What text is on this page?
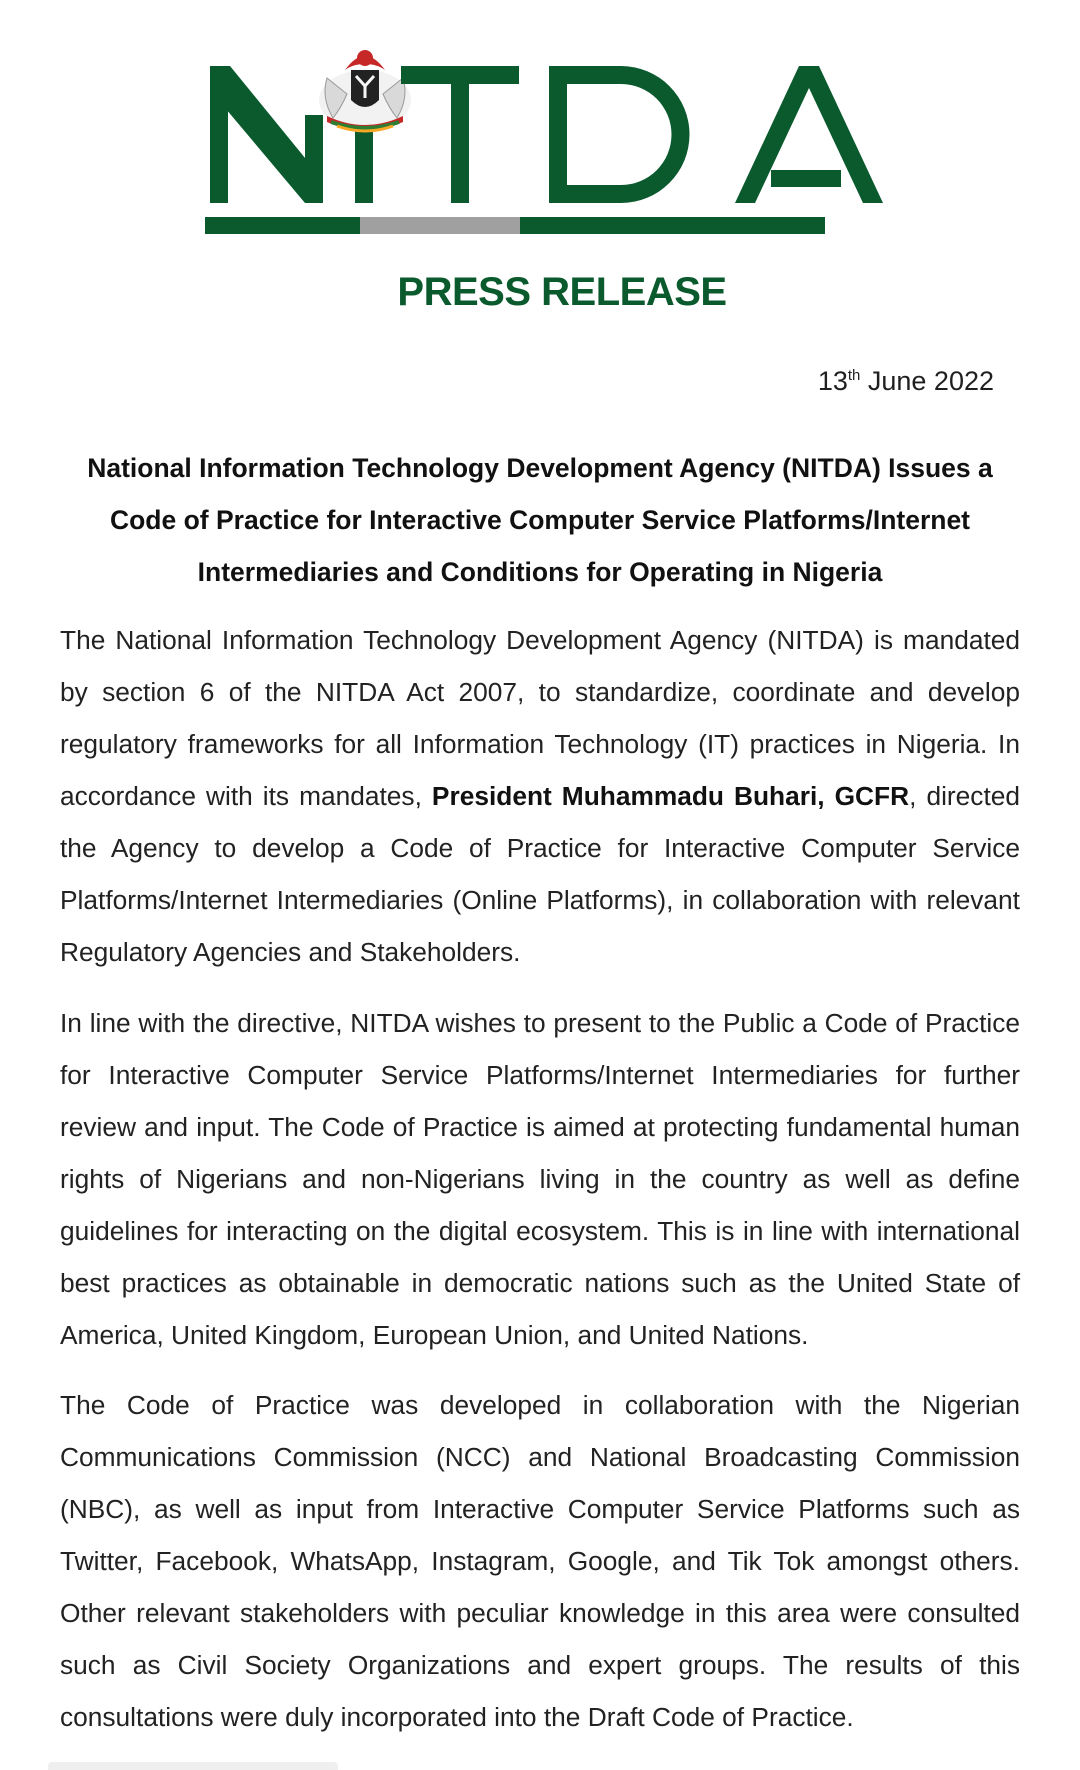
PRESS RELEASE
13th June 2022
National Information Technology Development Agency (NITDA) Issues a Code of Practice for Interactive Computer Service Platforms/Internet Intermediaries and Conditions for Operating in Nigeria
The National Information Technology Development Agency (NITDA) is mandated by section 6 of the NITDA Act 2007, to standardize, coordinate and develop regulatory frameworks for all Information Technology (IT) practices in Nigeria. In accordance with its mandates, President Muhammadu Buhari, GCFR, directed the Agency to develop a Code of Practice for Interactive Computer Service Platforms/Internet Intermediaries (Online Platforms), in collaboration with relevant Regulatory Agencies and Stakeholders.
In line with the directive, NITDA wishes to present to the Public a Code of Practice for Interactive Computer Service Platforms/Internet Intermediaries for further review and input. The Code of Practice is aimed at protecting fundamental human rights of Nigerians and non-Nigerians living in the country as well as define guidelines for interacting on the digital ecosystem. This is in line with international best practices as obtainable in democratic nations such as the United State of America, United Kingdom, European Union, and United Nations.
The Code of Practice was developed in collaboration with the Nigerian Communications Commission (NCC) and National Broadcasting Commission (NBC), as well as input from Interactive Computer Service Platforms such as Twitter, Facebook, WhatsApp, Instagram, Google, and Tik Tok amongst others. Other relevant stakeholders with peculiar knowledge in this area were consulted such as Civil Society Organizations and expert groups. The results of this consultations were duly incorporated into the Draft Code of Practice.
